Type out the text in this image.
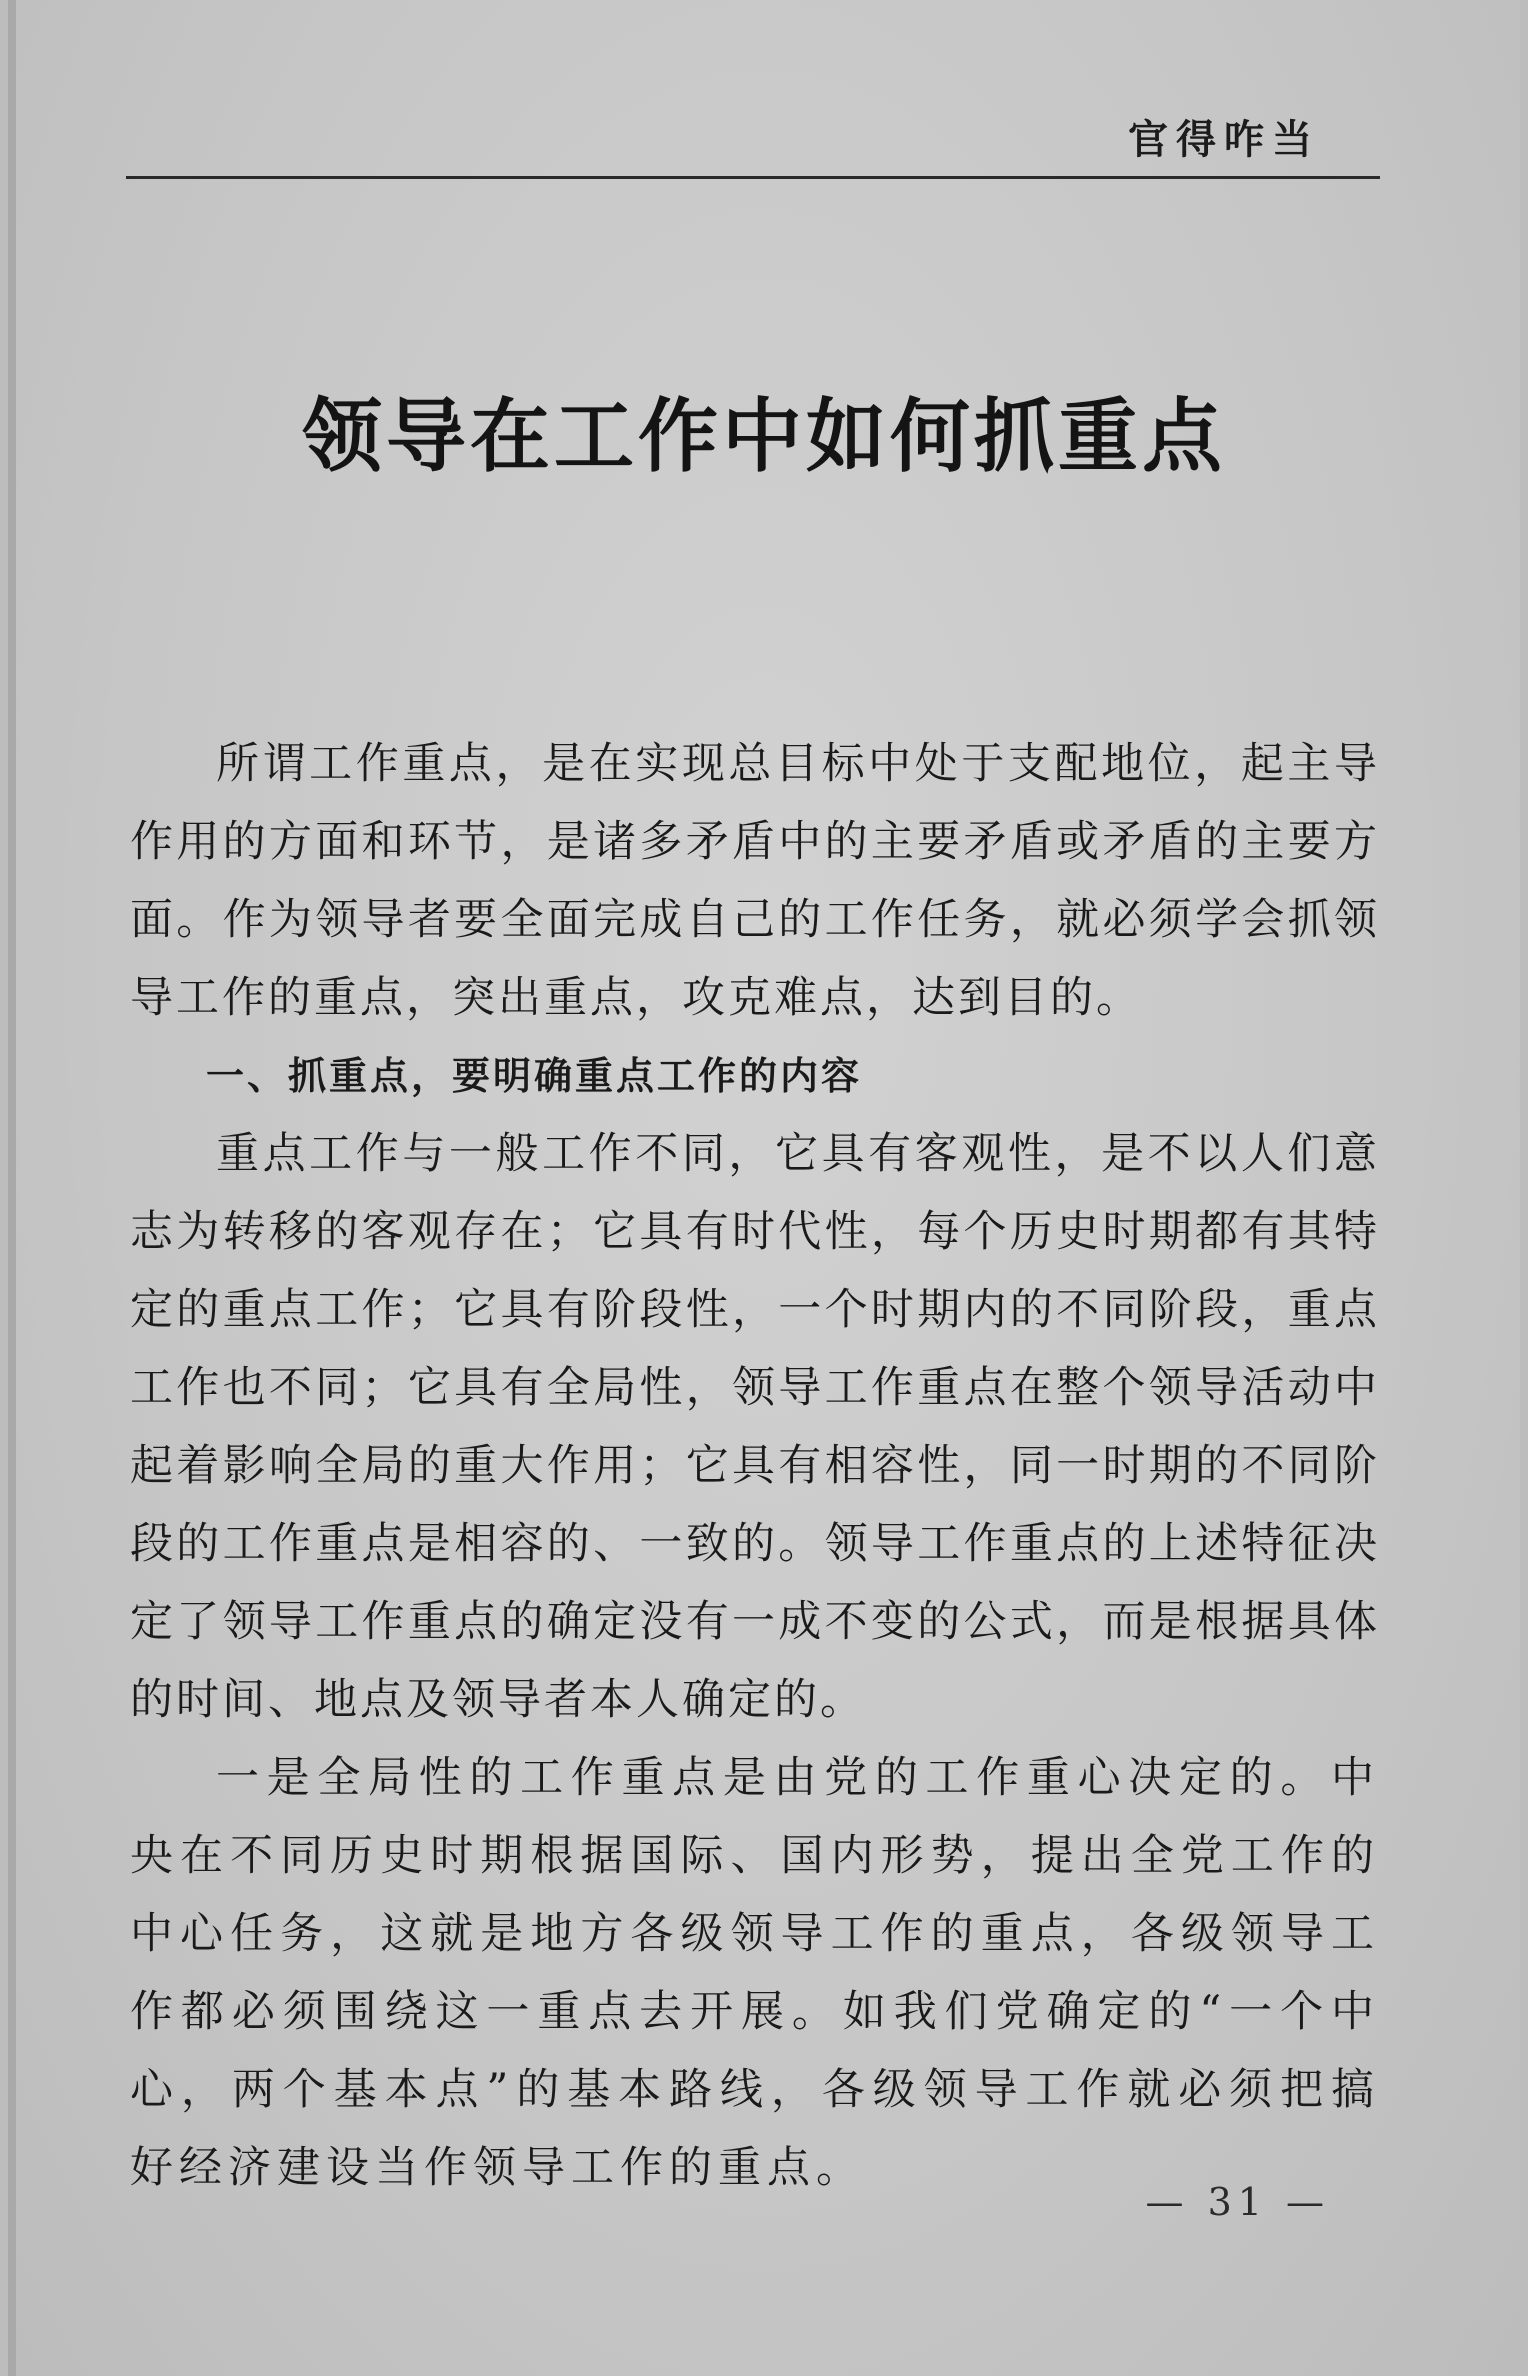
官得咋当
领导在工作中如何抓重点

所谓工作重点，是在实现总目标中处于支配地位，起主导作用的方面和环节，是诸多矛盾中的主要矛盾或矛盾的主要方面。作为领导者要全面完成自己的工作任务，就必须学会抓领导工作的重点，突出重点，攻克难点，达到目的。

一、抓重点，要明确重点工作的内容

重点工作与一般工作不同，它具有客观性，是不以人们意志为转移的客观存在；它具有时代性，每个历史时期都有其特定的重点工作；它具有阶段性，一个时期内的不同阶段，重点工作也不同；它具有全局性，领导工作重点在整个领导活动中起着影响全局的重大作用；它具有相容性，同一时期的不同阶段的工作重点是相容的、一致的。领导工作重点的上述特征决定了领导工作重点的确定没有一成不变的公式，而是根据具体的时间、地点及领导者本人确定的。

一是全局性的工作重点是由党的工作重心决定的。中央在不同历史时期根据国际、国内形势，提出全党工作的中心任务，这就是地方各级领导工作的重点，各级领导工作都必须围绕这一重点去开展。如我们党确定的“一个中心，两个基本点”的基本路线，各级领导工作就必须把搞好经济建设当作领导工作的重点。

— 31 —
